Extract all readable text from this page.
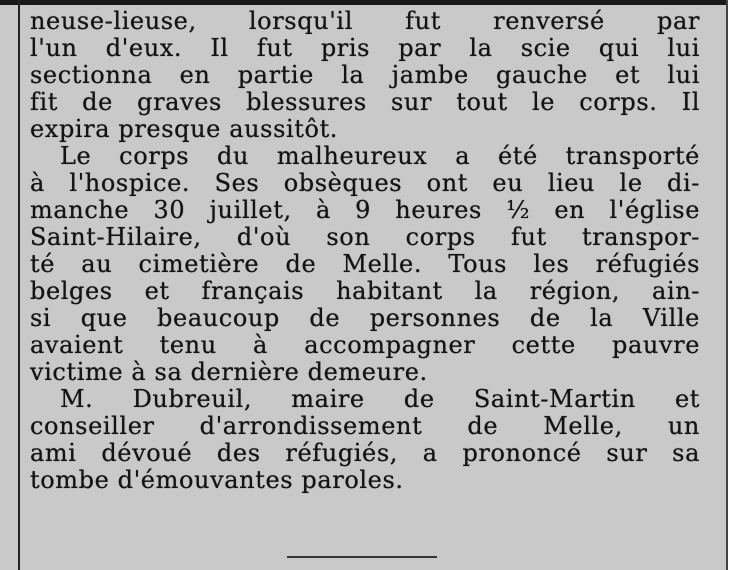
neuse-lieuse, lorsqu'il fut renversé par
l'un d'eux. Il fut pris par la scie qui lui
sectionna en partie la jambe gauche et lui
fit de graves blessures sur tout le corps. Il
expira presque aussitôt.
Le corps du malheureux a été transporté
à l'hospice. Ses obsèques ont eu lieu le di-
manche 30 juillet, à 9 heures ½ en l'église
Saint-Hilaire, d'où son corps fut transpor-
té au cimetière de Melle. Tous les réfugiés
belges et français habitant la région, ain-
si que beaucoup de personnes de la Ville
avaient tenu à accompagner cette pauvre
victime à sa dernière demeure.
M. Dubreuil, maire de Saint-Martin et
conseiller d'arrondissement de Melle, un
ami dévoué des réfugiés, a prononcé sur sa
tombe d'émouvantes paroles.
